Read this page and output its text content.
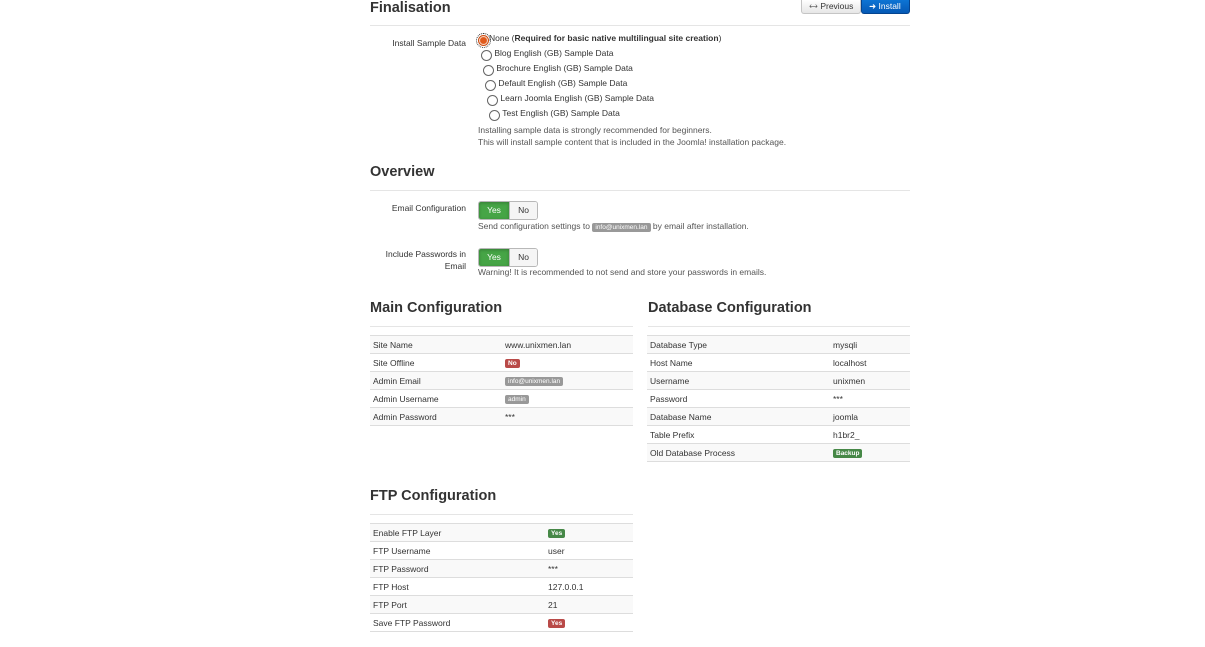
Finalisation	🡘 Previous	➜ Install
Install Sample Data	None (Required for basic native multilingual site creation)
Blog English (GB) Sample Data
Brochure English (GB) Sample Data
Default English (GB) Sample Data
Learn Joomla English (GB) Sample Data
Test English (GB) Sample Data
Installing sample data is strongly recommended for beginners.
This will install sample content that is included in the Joomla! installation package.
Overview
Email Configuration	Yes	No
Send configuration settings to info@unixmen.lan by email after installation.
Include Passwords in
Email
Yes	No
Warning! It is recommended to not send and store your passwords in emails.
Main Configuration
Site Name	www.unixmen.lan
Site Offline	No
Admin Email	info@unixmen.lan
Admin Username	admin
Admin Password	***
Database Configuration
Database Type	mysqli
Host Name	localhost
Username	unixmen
Password	***
Database Name	joomla
Table Prefix	h1br2_
Old Database Process	Backup
FTP Configuration
Enable FTP Layer	Yes
FTP Username	user
FTP Password	***
FTP Host	127.0.0.1
FTP Port	21
Save FTP Password	Yes
